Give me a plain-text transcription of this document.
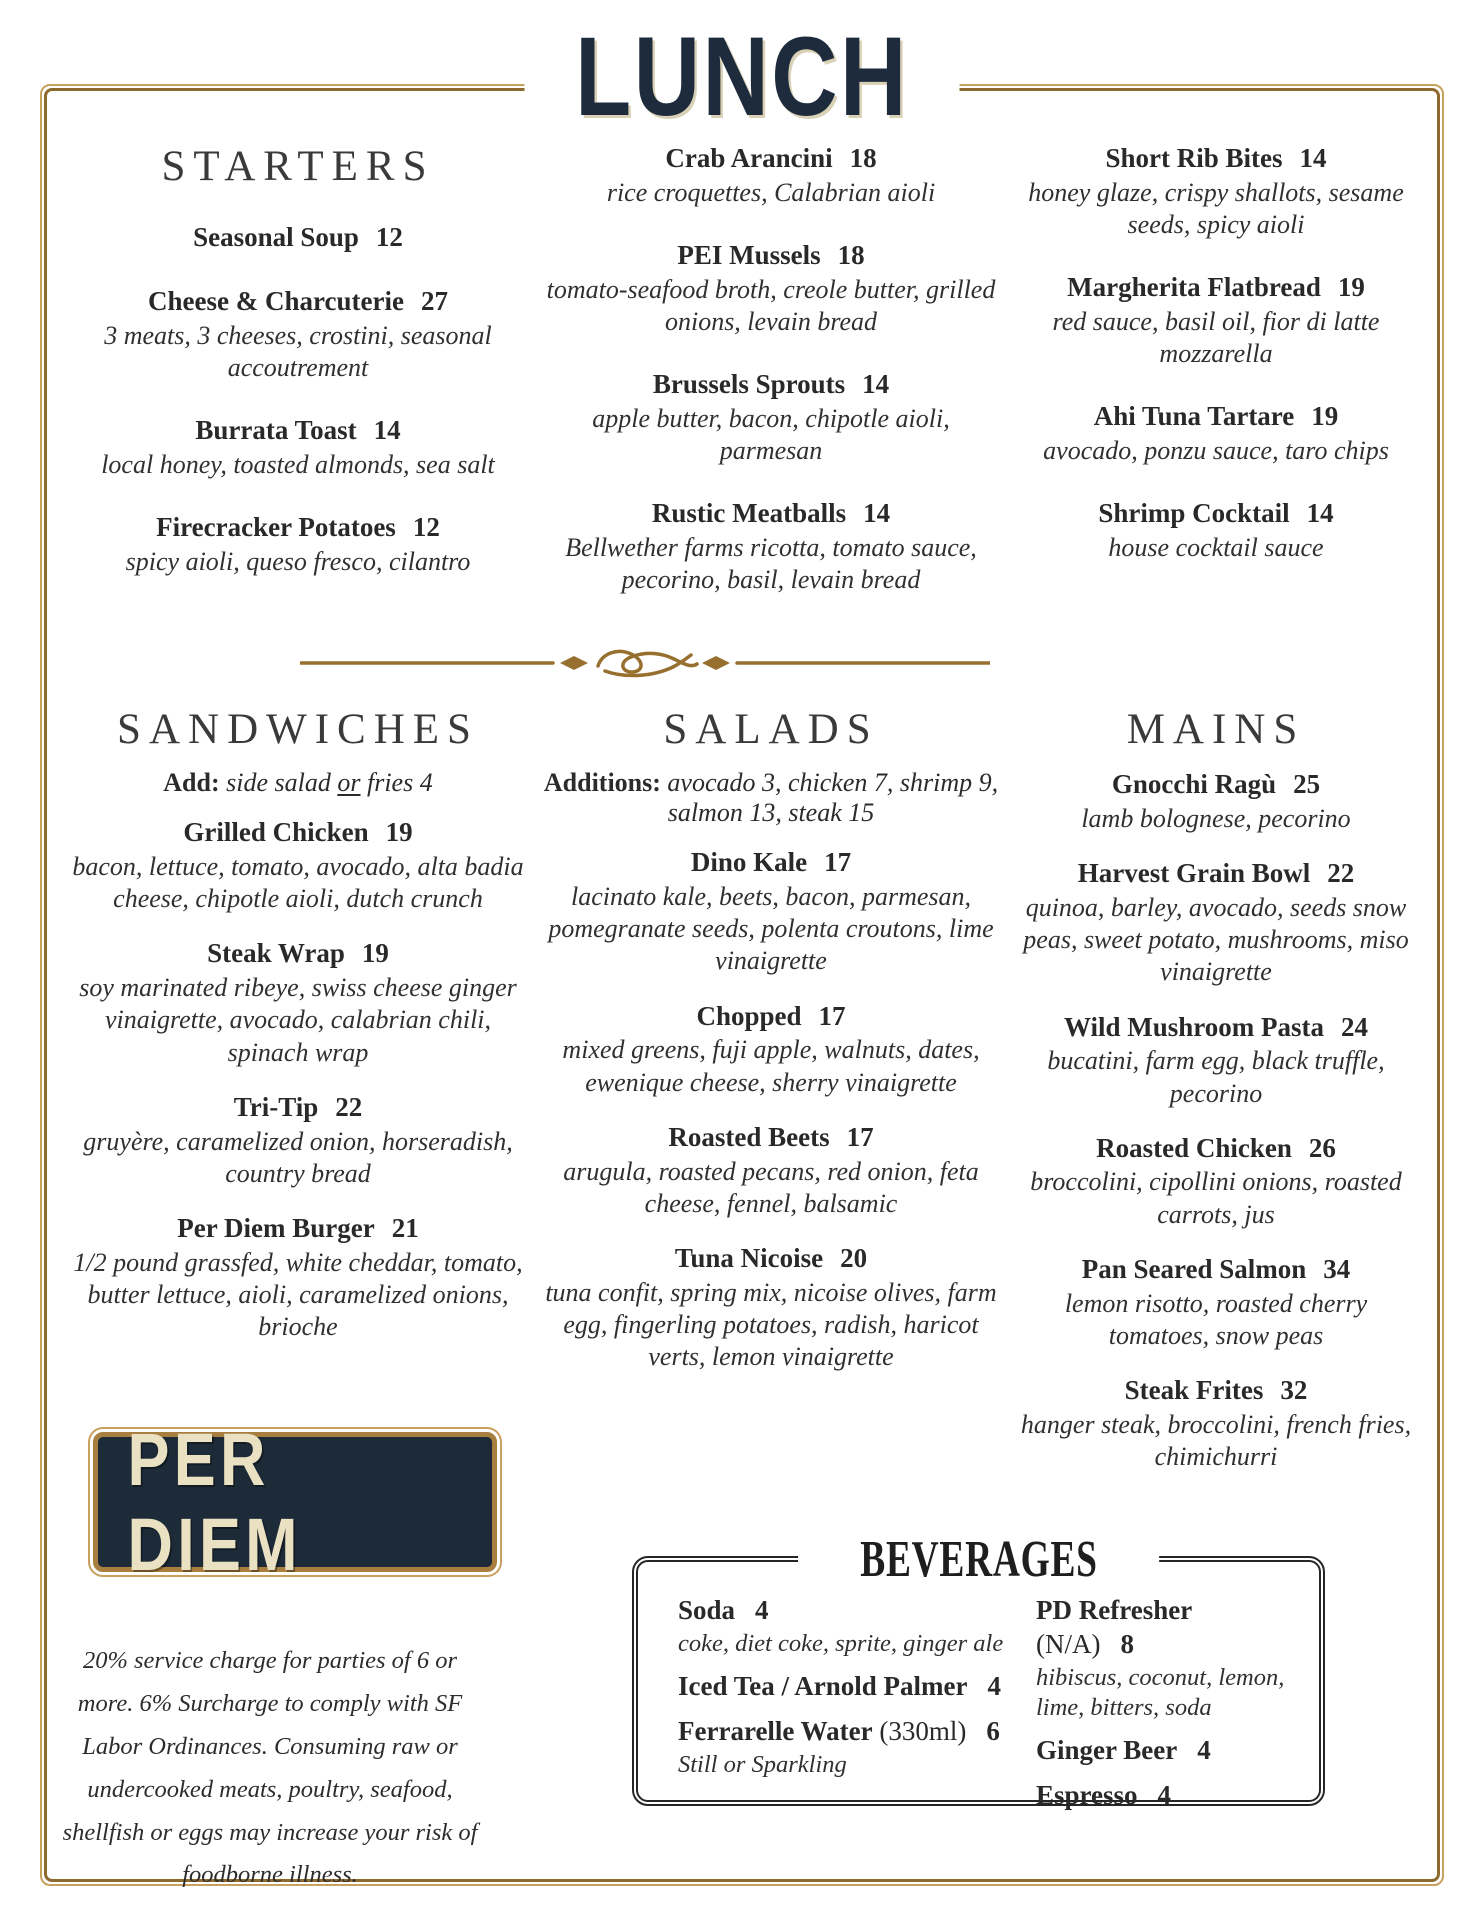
LUNCH
STARTERS
Seasonal Soup 12
Cheese & Charcuterie 27
3 meats, 3 cheeses, crostini, seasonal accoutrement
Burrata Toast 14
local honey, toasted almonds, sea salt
Firecracker Potatoes 12
spicy aioli, queso fresco, cilantro
Crab Arancini 18
rice croquettes, Calabrian aioli
PEI Mussels 18
tomato-seafood broth, creole butter, grilled onions, levain bread
Brussels Sprouts 14
apple butter, bacon, chipotle aioli, parmesan
Rustic Meatballs 14
Bellwether farms ricotta, tomato sauce, pecorino, basil, levain bread
Short Rib Bites 14
honey glaze, crispy shallots, sesame seeds, spicy aioli
Margherita Flatbread 19
red sauce, basil oil, fior di latte mozzarella
Ahi Tuna Tartare 19
avocado, ponzu sauce, taro chips
Shrimp Cocktail 14
house cocktail sauce
SANDWICHES
Add: side salad or fries 4
Grilled Chicken 19
bacon, lettuce, tomato, avocado, alta badia cheese, chipotle aioli, dutch crunch
Steak Wrap 19
soy marinated ribeye, swiss cheese ginger vinaigrette, avocado, calabrian chili, spinach wrap
Tri-Tip 22
gruyère, caramelized onion, horseradish, country bread
Per Diem Burger 21
1/2 pound grassfed, white cheddar, tomato, butter lettuce, aioli, caramelized onions, brioche
SALADS
Additions: avocado 3, chicken 7, shrimp 9, salmon 13, steak 15
Dino Kale 17
lacinato kale, beets, bacon, parmesan, pomegranate seeds, polenta croutons, lime vinaigrette
Chopped 17
mixed greens, fuji apple, walnuts, dates, ewenique cheese, sherry vinaigrette
Roasted Beets 17
arugula, roasted pecans, red onion, feta cheese, fennel, balsamic
Tuna Nicoise 20
tuna confit, spring mix, nicoise olives, farm egg, fingerling potatoes, radish, haricot verts, lemon vinaigrette
MAINS
Gnocchi Ragù 25
lamb bolognese, pecorino
Harvest Grain Bowl 22
quinoa, barley, avocado, seeds snow peas, sweet potato, mushrooms, miso vinaigrette
Wild Mushroom Pasta 24
bucatini, farm egg, black truffle, pecorino
Roasted Chicken 26
broccolini, cipollini onions, roasted carrots, jus
Pan Seared Salmon 34
lemon risotto, roasted cherry tomatoes, snow peas
Steak Frites 32
hanger steak, broccolini, french fries, chimichurri
PER DIEM
20% service charge for parties of 6 or more. 6% Surcharge to comply with SF Labor Ordinances. Consuming raw or undercooked meats, poultry, seafood, shellfish or eggs may increase your risk of foodborne illness.
BEVERAGES
Soda 4
coke, diet coke, sprite, ginger ale
Iced Tea / Arnold Palmer 4
Ferrarelle Water (330ml) 6
Still or Sparkling
PD Refresher (N/A) 8
hibiscus, coconut, lemon, lime, bitters, soda
Ginger Beer 4
Espresso 4
